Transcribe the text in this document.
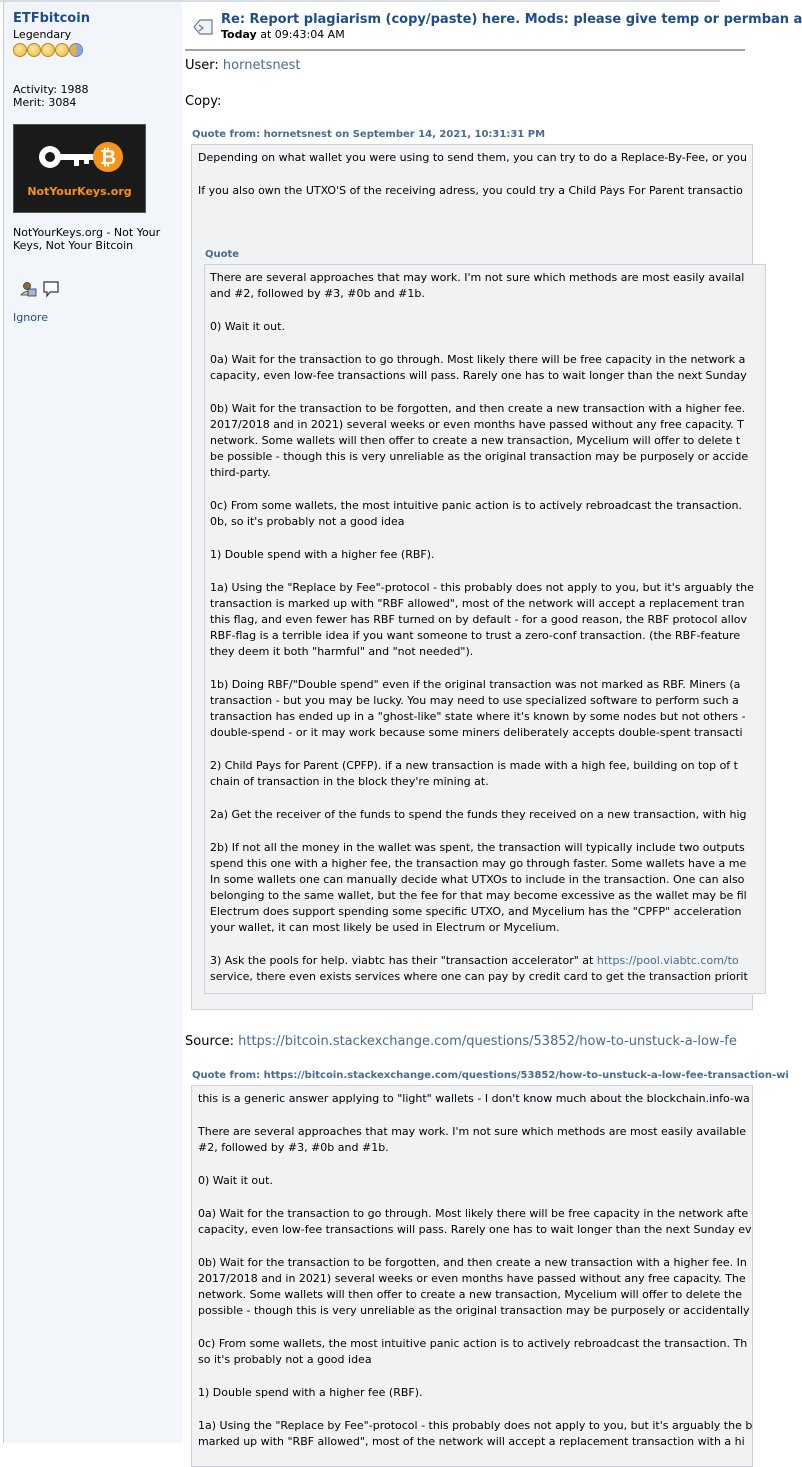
ETFbitcoin
Legendary
Activity: 1988
Merit: 3084
₿
NotYourKeys.org
NotYourKeys.org - Not Your
Keys, Not Your Bitcoin
Ignore
Re: Report plagiarism (copy/paste) here. Mods: please give temp or permban a
Today at 09:43:04 AM
User: hornetsnest
Copy:
Quote from: hornetsnest on September 14, 2021, 10:31:31 PM
Depending on what wallet you were using to send them, you can try to do a Replace-By-Fee, or you
If you also own the UTXO'S of the receiving adress, you could try a Child Pays For Parent transactio
Quote
There are several approaches that may work. I'm not sure which methods are most easily availal
and #2, followed by #3, #0b and #1b.
0) Wait it out.
0a) Wait for the transaction to go through. Most likely there will be free capacity in the network a
capacity, even low-fee transactions will pass. Rarely one has to wait longer than the next Sunday
0b) Wait for the transaction to be forgotten, and then create a new transaction with a higher fee.
2017/2018 and in 2021) several weeks or even months have passed without any free capacity. T
network. Some wallets will then offer to create a new transaction, Mycelium will offer to delete t
be possible - though this is very unreliable as the original transaction may be purposely or accide
third-party.
0c) From some wallets, the most intuitive panic action is to actively rebroadcast the transaction.
0b, so it's probably not a good idea
1) Double spend with a higher fee (RBF).
1a) Using the "Replace by Fee"-protocol - this probably does not apply to you, but it's arguably the
transaction is marked up with "RBF allowed", most of the network will accept a replacement tran
this flag, and even fewer has RBF turned on by default - for a good reason, the RBF protocol allov
RBF-flag is a terrible idea if you want someone to trust a zero-conf transaction. (the RBF-feature
they deem it both "harmful" and "not needed").
1b) Doing RBF/"Double spend" even if the original transaction was not marked as RBF. Miners (a
transaction - but you may be lucky. You may need to use specialized software to perform such a
transaction has ended up in a "ghost-like" state where it's known by some nodes but not others -
double-spend - or it may work because some miners deliberately accepts double-spent transacti
2) Child Pays for Parent (CPFP). if a new transaction is made with a high fee, building on top of t
chain of transaction in the block they're mining at.
2a) Get the receiver of the funds to spend the funds they received on a new transaction, with hig
2b) If not all the money in the wallet was spent, the transaction will typically include two outputs
spend this one with a higher fee, the transaction may go through faster. Some wallets have a me
In some wallets one can manually decide what UTXOs to include in the transaction. One can also
belonging to the same wallet, but the fee for that may become excessive as the wallet may be fil
Electrum does support spending some specific UTXO, and Mycelium has the "CPFP" acceleration
your wallet, it can most likely be used in Electrum or Mycelium.
3) Ask the pools for help. viabtc has their "transaction accelerator" at https://pool.viabtc.com/to
service, there even exists services where one can pay by credit card to get the transaction priorit
Source: https://bitcoin.stackexchange.com/questions/53852/how-to-unstuck-a-low-fe
Quote from: https://bitcoin.stackexchange.com/questions/53852/how-to-unstuck-a-low-fee-transaction-wi
this is a generic answer applying to "light" wallets - I don't know much about the blockchain.info-wa
There are several approaches that may work. I'm not sure which methods are most easily available
#2, followed by #3, #0b and #1b.
0) Wait it out.
0a) Wait for the transaction to go through. Most likely there will be free capacity in the network afte
capacity, even low-fee transactions will pass. Rarely one has to wait longer than the next Sunday ev
0b) Wait for the transaction to be forgotten, and then create a new transaction with a higher fee. In
2017/2018 and in 2021) several weeks or even months have passed without any free capacity. The
network. Some wallets will then offer to create a new transaction, Mycelium will offer to delete the
possible - though this is very unreliable as the original transaction may be purposely or accidentally
0c) From some wallets, the most intuitive panic action is to actively rebroadcast the transaction. Th
so it's probably not a good idea
1) Double spend with a higher fee (RBF).
1a) Using the "Replace by Fee"-protocol - this probably does not apply to you, but it's arguably the b
marked up with "RBF allowed", most of the network will accept a replacement transaction with a hi
